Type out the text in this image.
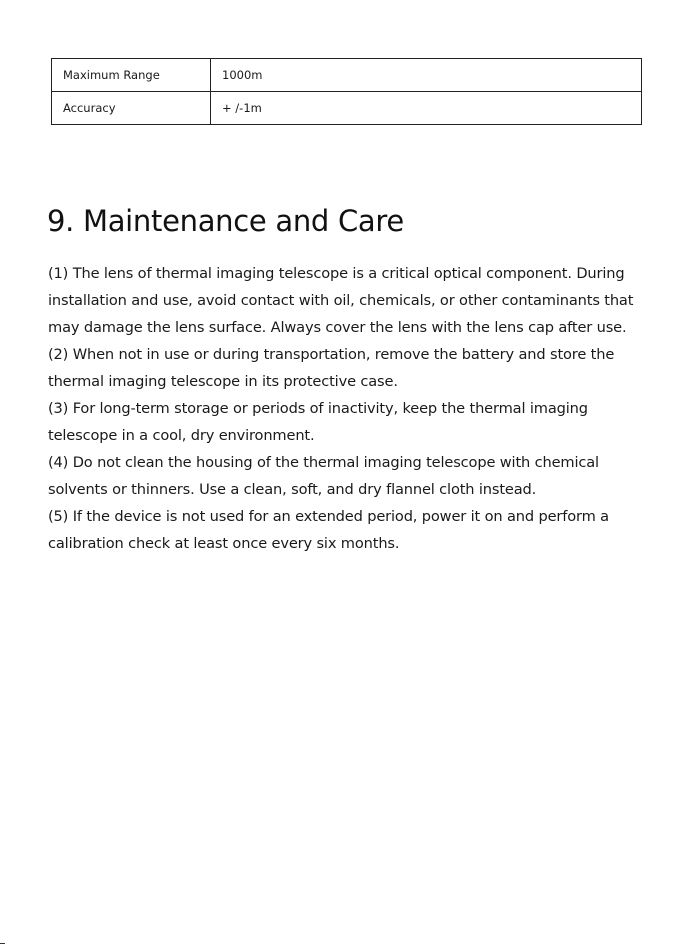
Maximum Range	1000m
Accuracy	+ /-1m
9. Maintenance and Care

(1) The lens of thermal imaging telescope is a critical optical component. During installation and use, avoid contact with oil, chemicals, or other contaminants that may damage the lens surface. Always cover the lens with the lens cap after use.

(2) When not in use or during transportation, remove the battery and store the thermal imaging telescope in its protective case.

(3) For long-term storage or periods of inactivity, keep the thermal imaging telescope in a cool, dry environment.

(4) Do not clean the housing of the thermal imaging telescope with chemical solvents or thinners. Use a clean, soft, and dry flannel cloth instead.

(5) If the device is not used for an extended period, power it on and perform a calibration check at least once every six months.
